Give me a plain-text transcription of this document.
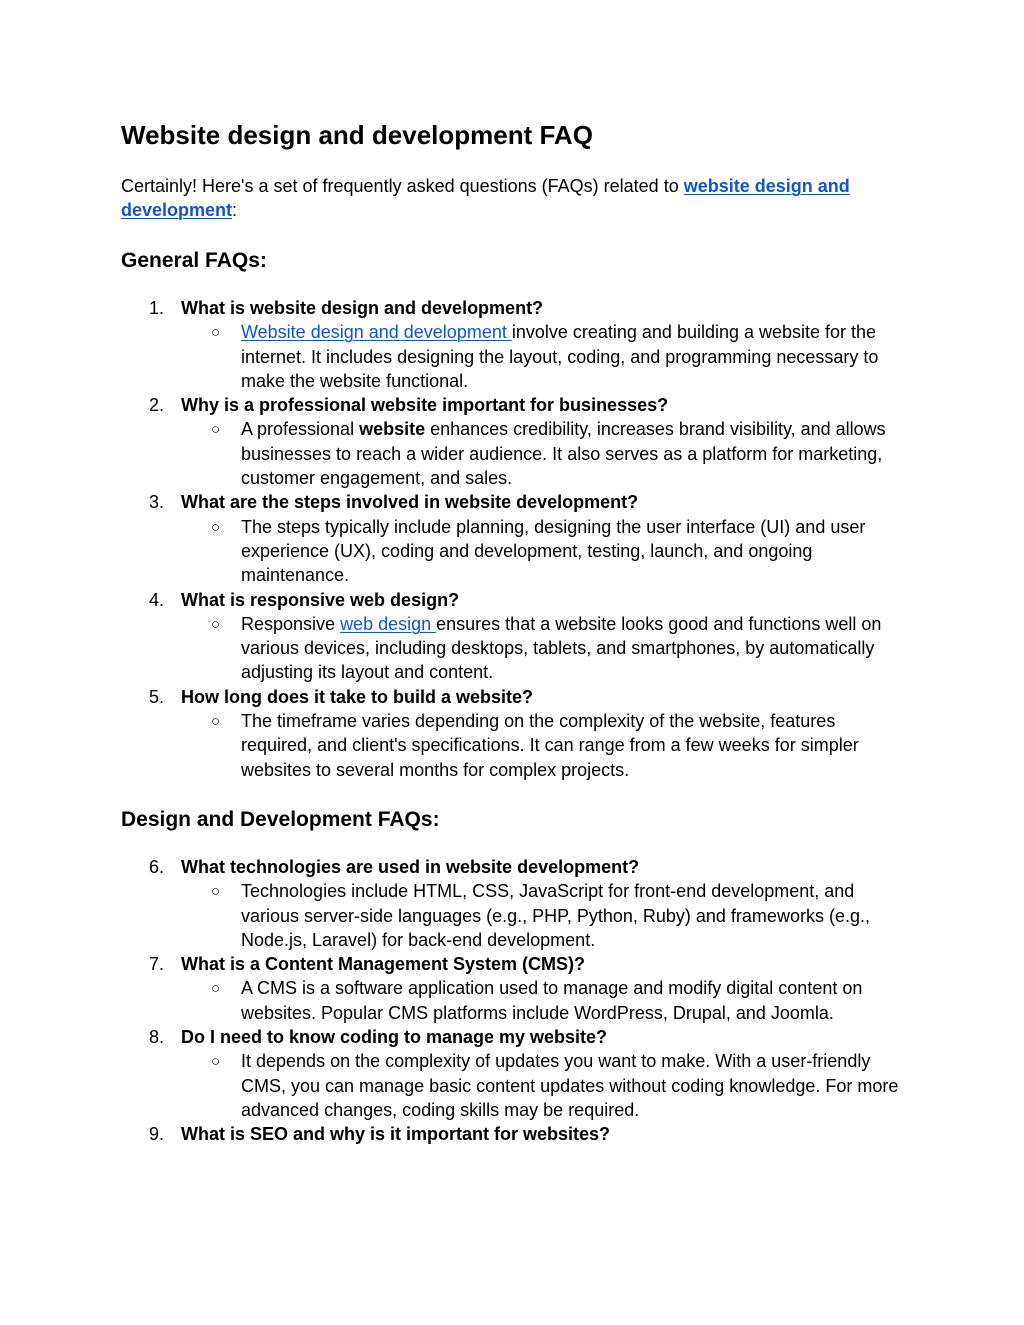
Website design and development FAQ

Certainly! Here's a set of frequently asked questions (FAQs) related to website design and development:

General FAQs:
1. What is website design and development?
○ Website design and development involve creating and building a website for the internet. It includes designing the layout, coding, and programming necessary to make the website functional.
2. Why is a professional website important for businesses?
○ A professional website enhances credibility, increases brand visibility, and allows businesses to reach a wider audience. It also serves as a platform for marketing, customer engagement, and sales.
3. What are the steps involved in website development?
○ The steps typically include planning, designing the user interface (UI) and user experience (UX), coding and development, testing, launch, and ongoing maintenance.
4. What is responsive web design?
○ Responsive web design ensures that a website looks good and functions well on various devices, including desktops, tablets, and smartphones, by automatically adjusting its layout and content.
5. How long does it take to build a website?
○ The timeframe varies depending on the complexity of the website, features required, and client's specifications. It can range from a few weeks for simpler websites to several months for complex projects.
Design and Development FAQs:
6. What technologies are used in website development?
○ Technologies include HTML, CSS, JavaScript for front-end development, and various server-side languages (e.g., PHP, Python, Ruby) and frameworks (e.g., Node.js, Laravel) for back-end development.
7. What is a Content Management System (CMS)?
○ A CMS is a software application used to manage and modify digital content on websites. Popular CMS platforms include WordPress, Drupal, and Joomla.
8. Do I need to know coding to manage my website?
○ It depends on the complexity of updates you want to make. With a user-friendly CMS, you can manage basic content updates without coding knowledge. For more advanced changes, coding skills may be required.
9. What is SEO and why is it important for websites?
